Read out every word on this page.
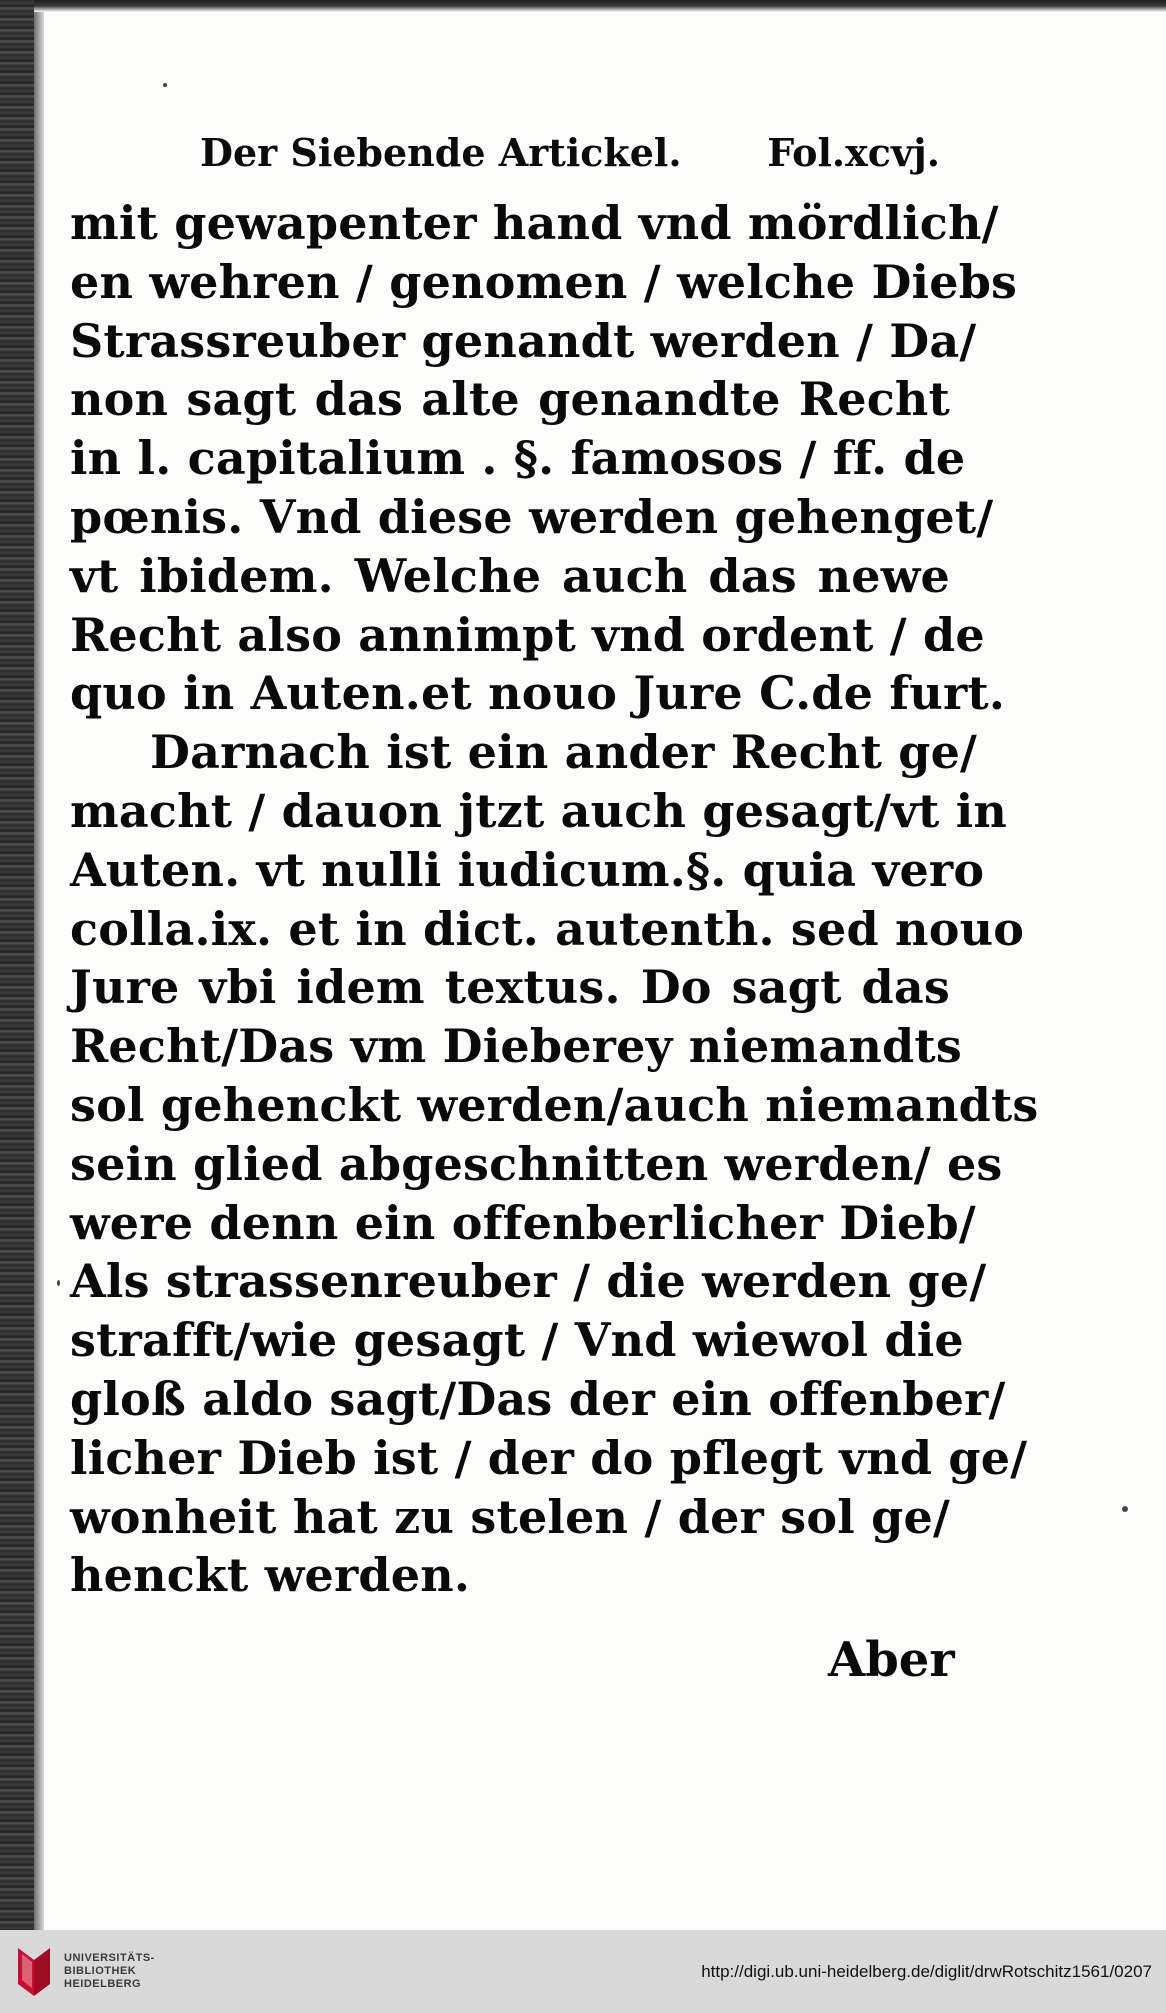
Der Siebende Artickel. Fol.xcvj.
mit gewapenter hand vnd mördlich/
en wehren / genomen / welche Diebs
Strassreuber genandt werden / Da/
non sagt das alte genandte Recht
in l. capitalium . §. famosos / ff. de
pœnis. Vnd diese werden gehenget/
vt ibidem. Welche auch das newe
Recht also annimpt vnd ordent / de
quo in Auten.et nouo Jure C.de furt.
Darnach ist ein ander Recht ge/
macht / dauon jtzt auch gesagt/vt in
Auten. vt nulli iudicum.§. quia vero
colla.ix. et in dict. autenth. sed nouo
Jure vbi idem textus. Do sagt das
Recht/Das vm Dieberey niemandts
sol gehenckt werden/auch niemandts
sein glied abgeschnitten werden/ es
were denn ein offenberlicher Dieb/
Als strassenreuber / die werden ge/
strafft/wie gesagt / Vnd wiewol die
gloß aldo sagt/Das der ein offenber/
licher Dieb ist / der do pflegt vnd ge/
wonheit hat zu stelen / der sol ge/
henckt werden.
Aber
UNIVERSITÄTS-
BIBLIOTHEK
HEIDELBERG
http://digi.ub.uni-heidelberg.de/diglit/drwRotschitz1561/0207
